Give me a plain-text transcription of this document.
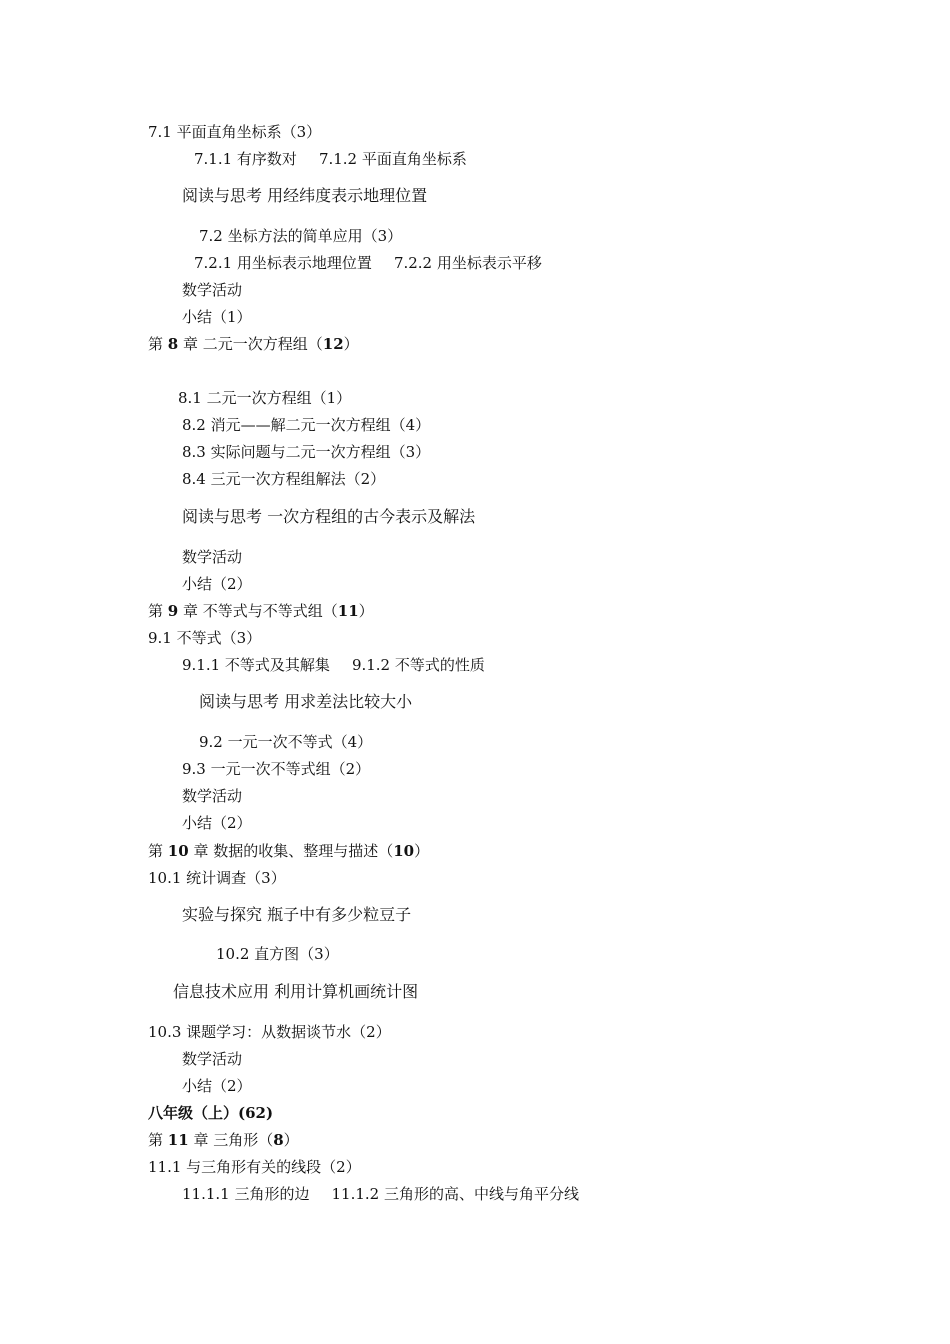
7.1 平面直角坐标系（3）
7.1.1 有序数对 7.1.2 平面直角坐标系
阅读与思考 用经纬度表示地理位置
7.2 坐标方法的简单应用（3）
7.2.1 用坐标表示地理位置 7.2.2 用坐标表示平移
数学活动
小结（1）
第 8 章 二元一次方程组（12）
8.1 二元一次方程组（1）
8.2 消元——解二元一次方程组（4）
8.3 实际问题与二元一次方程组（3）
8.4 三元一次方程组解法（2）
阅读与思考 一次方程组的古今表示及解法
数学活动
小结（2）
第 9 章 不等式与不等式组（11）
9.1 不等式（3）
9.1.1 不等式及其解集 9.1.2 不等式的性质
阅读与思考 用求差法比较大小
9.2 一元一次不等式（4）
9.3 一元一次不等式组（2）
数学活动
小结（2）
第 10 章 数据的收集、整理与描述（10）
10.1 统计调查（3）
实验与探究 瓶子中有多少粒豆子
10.2 直方图（3）
信息技术应用 利用计算机画统计图
10.3 课题学习：从数据谈节水（2）
数学活动
小结（2）
八年级（上）(62)
第 11 章 三角形（8）
11.1 与三角形有关的线段（2）
11.1.1 三角形的边 11.1.2 三角形的高、中线与角平分线
